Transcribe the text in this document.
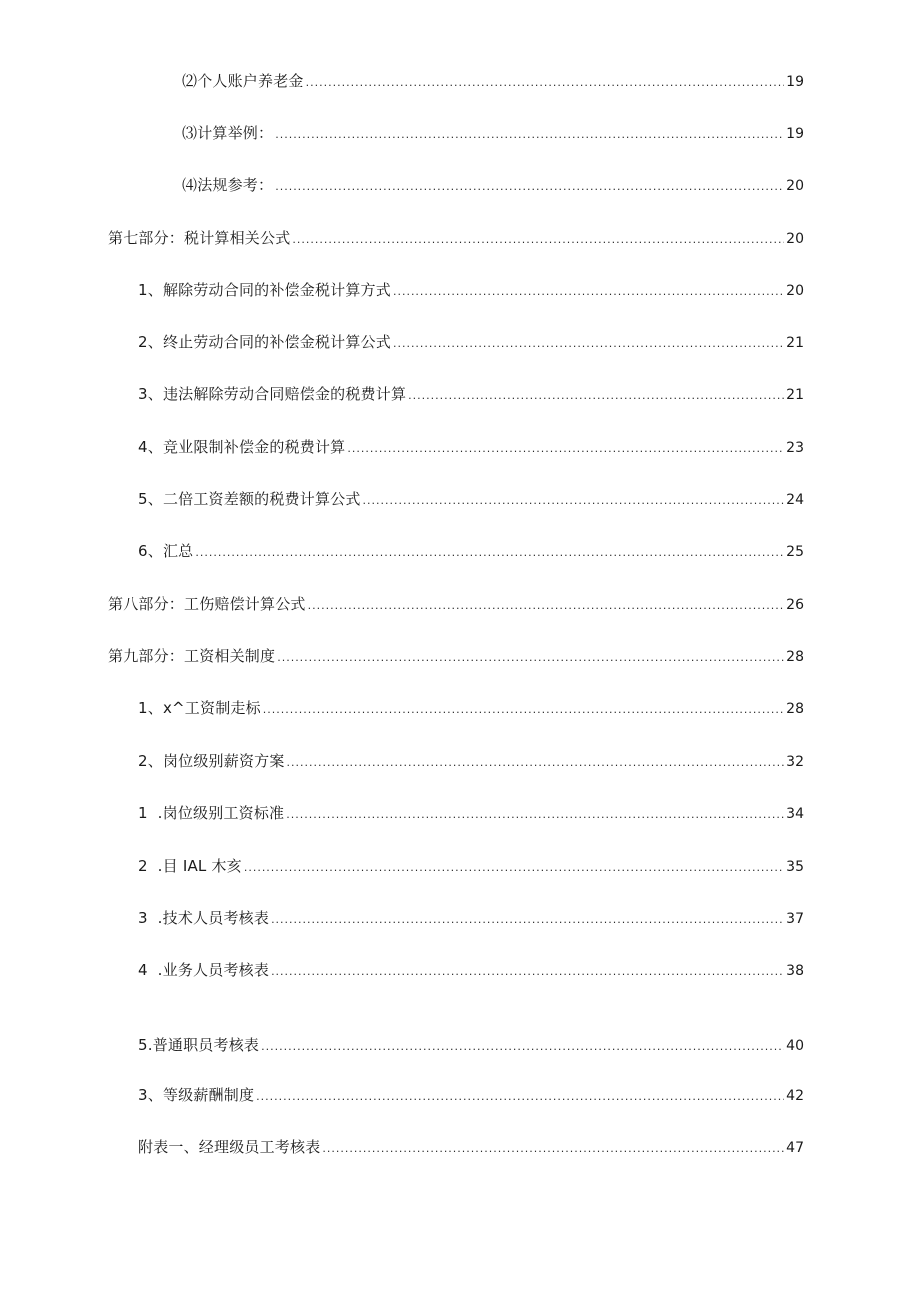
⑵个人账户养老金 .....	19
⑶计算举例： .....	19
⑷法规参考： .....	20
第七部分：税计算相关公式 .....	20
1、解除劳动合同的补偿金税计算方式 .....	20
2、终止劳动合同的补偿金税计算公式 .....	21
3、违法解除劳动合同赔偿金的税费计算 .....	21
4、竞业限制补偿金的税费计算 .....	23
5、二倍工资差额的税费计算公式 .....	24
6、汇总 .....	25
第八部分：工伤赔偿计算公式 .....	26
第九部分：工资相关制度 .....	28
1、x^工资制走标 .....	28
2、岗位级别薪资方案 .....	32
1  .岗位级别工资标准 .....	34
2  .目 IAL 木亥 .....	35
3  .技术人员考核表 .....	37
4  .业务人员考核表 .....	38
5.普通职员考核表 .....	40
3、等级薪酬制度 .....	42
附表一、经理级员工考核表 .....	47
